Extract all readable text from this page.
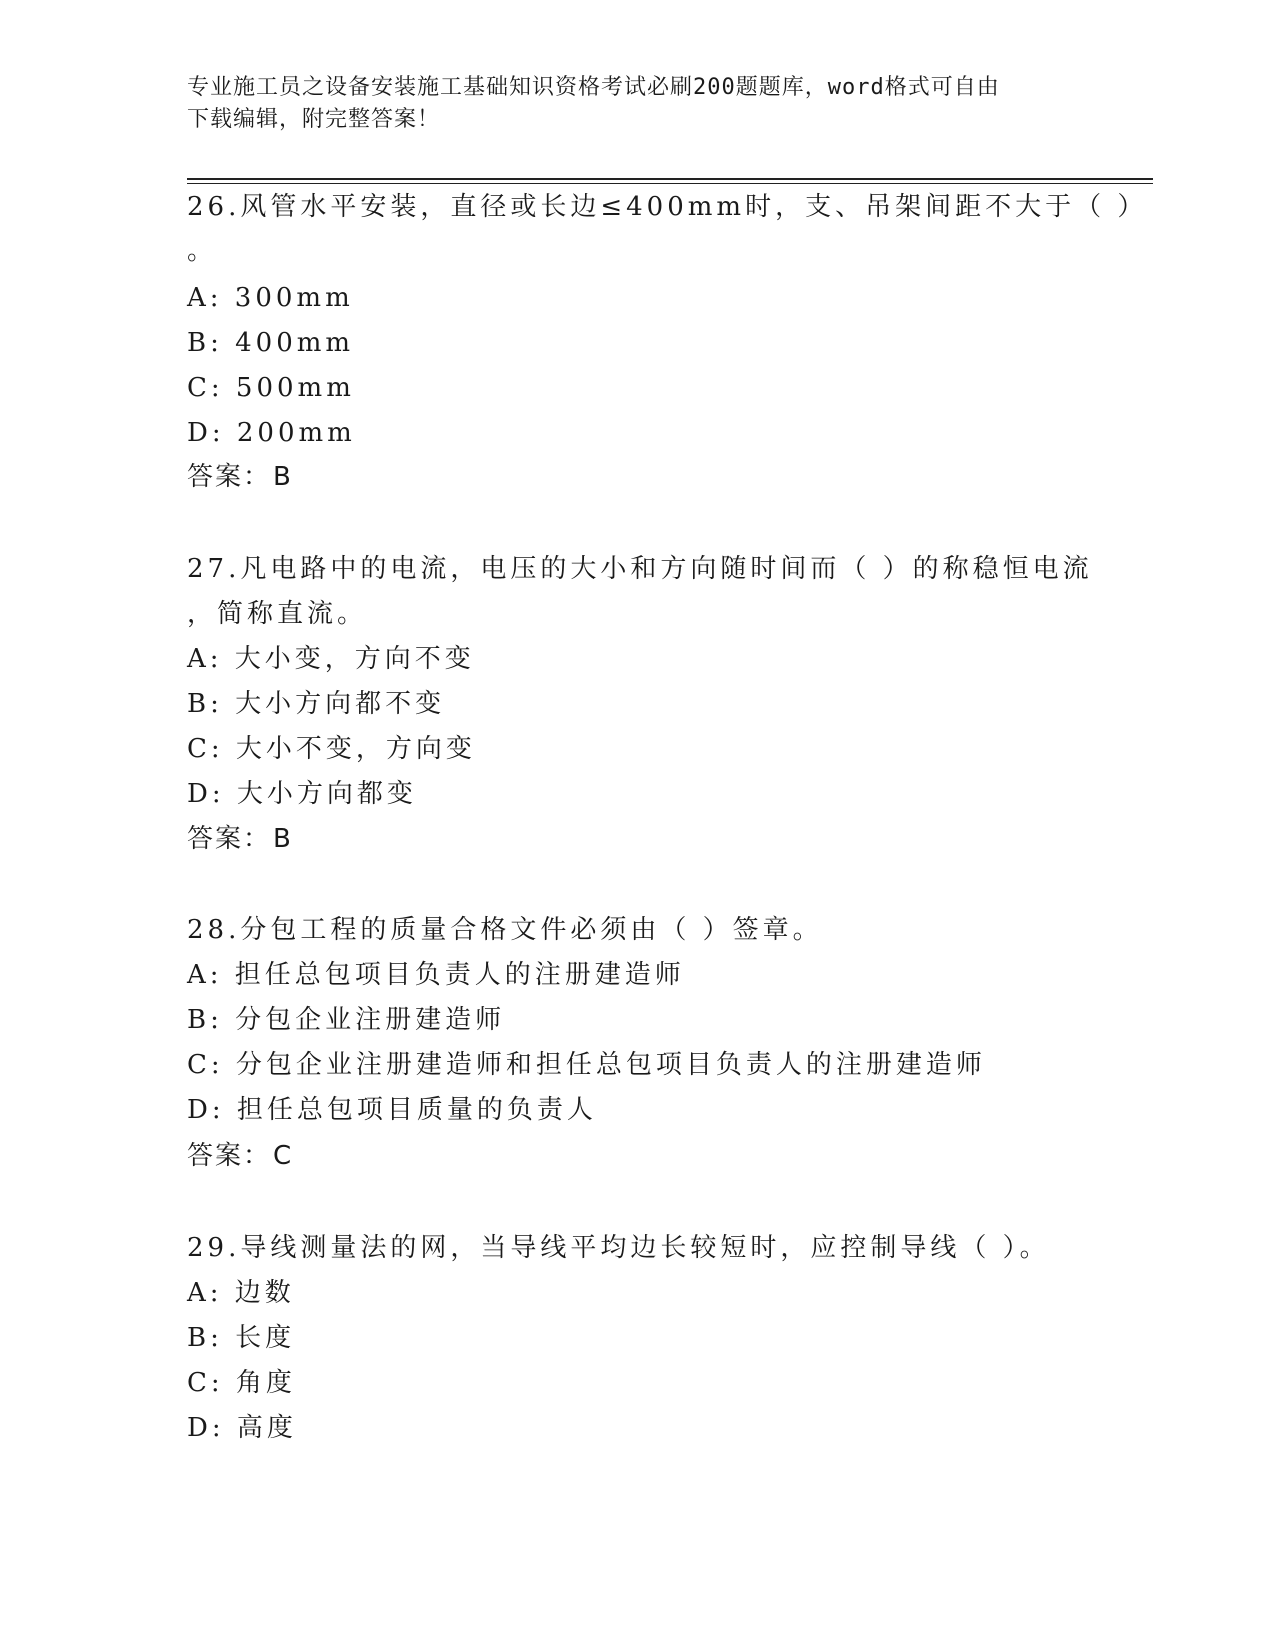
专业施工员之设备安装施工基础知识资格考试必刷200题题库，word格式可自由
下载编辑，附完整答案！
26.风管水平安装，直径或长边≤400mm时，支、吊架间距不大于（ ）
。
A: 300mm
B: 400mm
C: 500mm
D: 200mm
答案：B
27.凡电路中的电流，电压的大小和方向随时间而（ ）的称稳恒电流
，简称直流。
A: 大小变，方向不变
B: 大小方向都不变
C: 大小不变，方向变
D: 大小方向都变
答案：B
28.分包工程的质量合格文件必须由（ ）签章。
A: 担任总包项目负责人的注册建造师
B: 分包企业注册建造师
C: 分包企业注册建造师和担任总包项目负责人的注册建造师
D: 担任总包项目质量的负责人
答案：C
29.导线测量法的网，当导线平均边长较短时，应控制导线（ ）。
A: 边数
B: 长度
C: 角度
D: 高度
